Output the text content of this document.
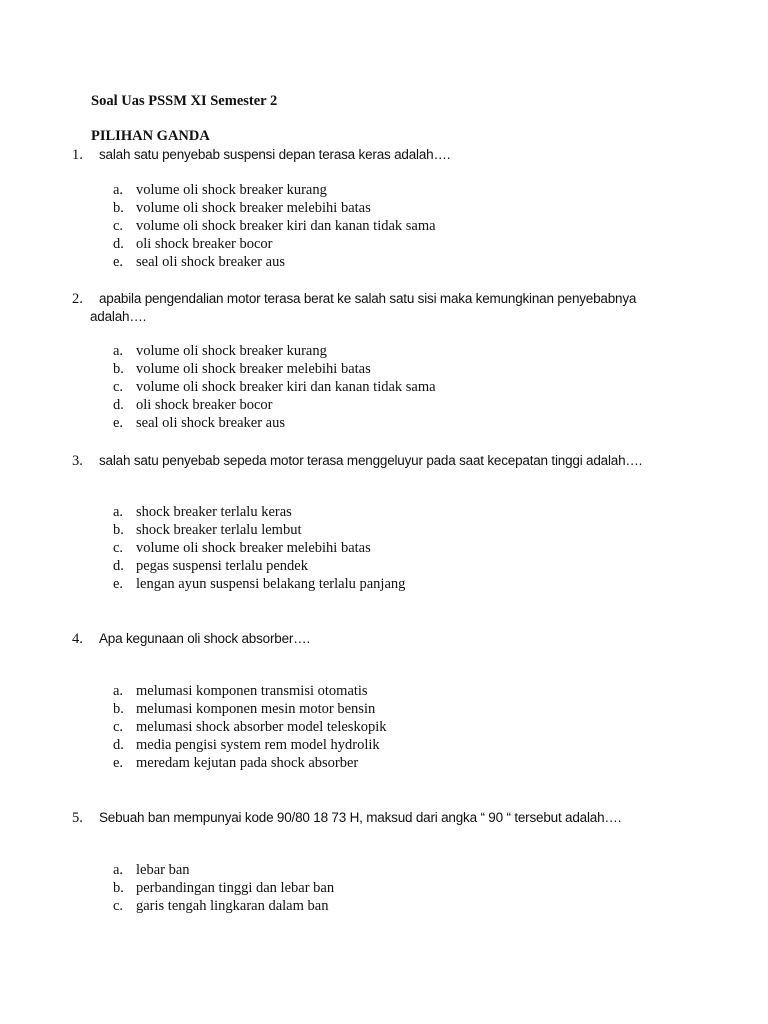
Soal Uas PSSM XI Semester 2
PILIHAN GANDA
1. salah satu penyebab suspensi depan terasa keras adalah….
a. volume oli shock breaker kurang
b. volume oli shock breaker melebihi batas
c. volume oli shock breaker kiri dan kanan tidak sama
d. oli shock breaker bocor
e. seal oli shock breaker aus
2. apabila pengendalian motor terasa berat ke salah satu sisi maka kemungkinan penyebabnya
adalah….
a. volume oli shock breaker kurang
b. volume oli shock breaker melebihi batas
c. volume oli shock breaker kiri dan kanan tidak sama
d. oli shock breaker bocor
e. seal oli shock breaker aus
3. salah satu penyebab sepeda motor terasa menggeluyur pada saat kecepatan tinggi adalah….
a. shock breaker terlalu keras
b. shock breaker terlalu lembut
c. volume oli shock breaker melebihi batas
d. pegas suspensi terlalu pendek
e. lengan ayun suspensi belakang terlalu panjang
4. Apa kegunaan oli shock absorber….
a. melumasi komponen transmisi otomatis
b. melumasi komponen mesin motor bensin
c. melumasi shock absorber model teleskopik
d. media pengisi system rem model hydrolik
e. meredam kejutan pada shock absorber
5. Sebuah ban mempunyai kode 90/80 18 73 H, maksud dari angka “ 90 “ tersebut adalah….
a. lebar ban
b. perbandingan tinggi dan lebar ban
c. garis tengah lingkaran dalam ban
